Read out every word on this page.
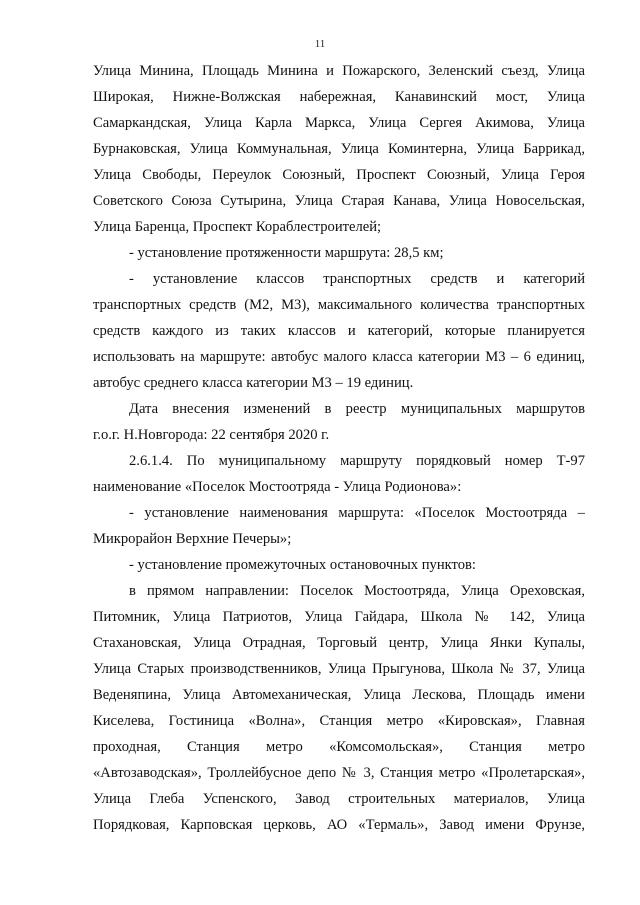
11
Улица Минина, Площадь Минина и Пожарского, Зеленский съезд, Улица
Широкая, Нижне-Волжская набережная, Канавинский мост, Улица
Самаркандская, Улица Карла Маркса, Улица Сергея Акимова, Улица
Бурнаковская, Улица Коммунальная, Улица Коминтерна, Улица Баррикад,
Улица Свободы, Переулок Союзный, Проспект Союзный, Улица Героя
Советского Союза Сутырина, Улица Старая Канава, Улица Новосельская,
Улица Баренца, Проспект Кораблестроителей;
- установление протяженности маршрута: 28,5 км;
- установление классов транспортных средств и категорий
транспортных средств (М2, М3), максимального количества транспортных
средств каждого из таких классов и категорий, которые планируется
использовать на маршруте: автобус малого класса категории М3 – 6 единиц,
автобус среднего класса категории М3 – 19 единиц.
Дата внесения изменений в реестр муниципальных маршрутов
г.о.г. Н.Новгорода: 22 сентября 2020 г.
2.6.1.4. По муниципальному маршруту порядковый номер Т-97
наименование «Поселок Мостоотряда - Улица Родионова»:
- установление наименования маршрута: «Поселок Мостоотряда –
Микрорайон Верхние Печеры»;
- установление промежуточных остановочных пунктов:
в прямом направлении: Поселок Мостоотряда, Улица Ореховская,
Питомник, Улица Патриотов, Улица Гайдара, Школа № 142, Улица
Стахановская, Улица Отрадная, Торговый центр, Улица Янки Купалы,
Улица Старых производственников, Улица Прыгунова, Школа № 37, Улица
Веденяпина, Улица Автомеханическая, Улица Лескова, Площадь имени
Киселева, Гостиница «Волна», Станция метро «Кировская», Главная
проходная, Станция метро «Комсомольская», Станция метро
«Автозаводская», Троллейбусное депо № 3, Станция метро «Пролетарская»,
Улица Глеба Успенского, Завод строительных материалов, Улица
Порядковая, Карповская церковь, АО «Термаль», Завод имени Фрунзе,
